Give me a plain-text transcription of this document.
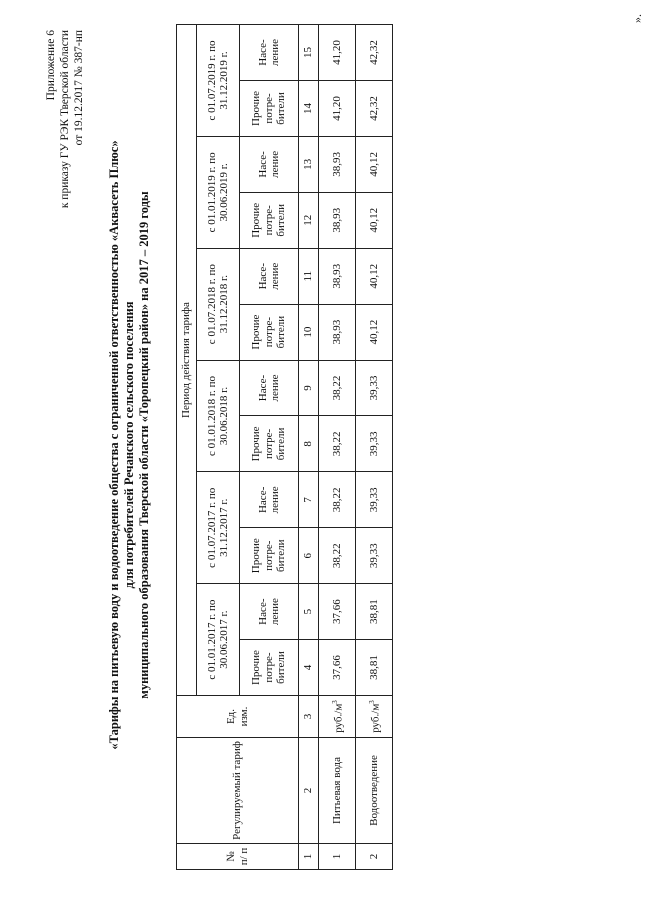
Приложение 6 к приказу ГУ РЭК Тверской области от 19.12.2017 № 387-нп
«Тарифы на питьевую воду и водоотведение общества с ограниченной ответственностью «Аквасеть Плюс» для потребителей Речанского сельского поселения муниципального образования Тверской области «Торопецкий район» на 2017 – 2019 годы
№ п/ п	Регулируемый тариф	Ед. изм.	Период действия тарифа											
			с 01.01.2017 г. по 30.06.2017 г.		с 01.07.2017 г. по 31.12.2017 г.		с 01.01.2018 г. по 30.06.2018 г.		с 01.07.2018 г. по 31.12.2018 г.		с 01.01.2019 г. по 30.06.2019 г.		с 01.07.2019 г. по 31.12.2019 г.	
			Прочие потре- бители	Насе- ление	Прочие потре- бители	Насе- ление	Прочие потре- бители	Насе- ление	Прочие потре- бители	Насе- ление	Прочие потре- бители	Насе- ление	Прочие потре- бители	Насе- ление
1	2	3	4	5	6	7	8	9	10	11	12	13	14	15
1	Питьевая вода	$руб./м^3$	37,66	37,66	38,22	38,22	38,22	38,22	38,93	38,93	38,93	38,93	41,20	41,20
2	Водоотведение	$руб./м^3$	38,81	38,81	39,33	39,33	39,33	39,33	40,12	40,12	40,12	40,12	42,32	42,32
».
